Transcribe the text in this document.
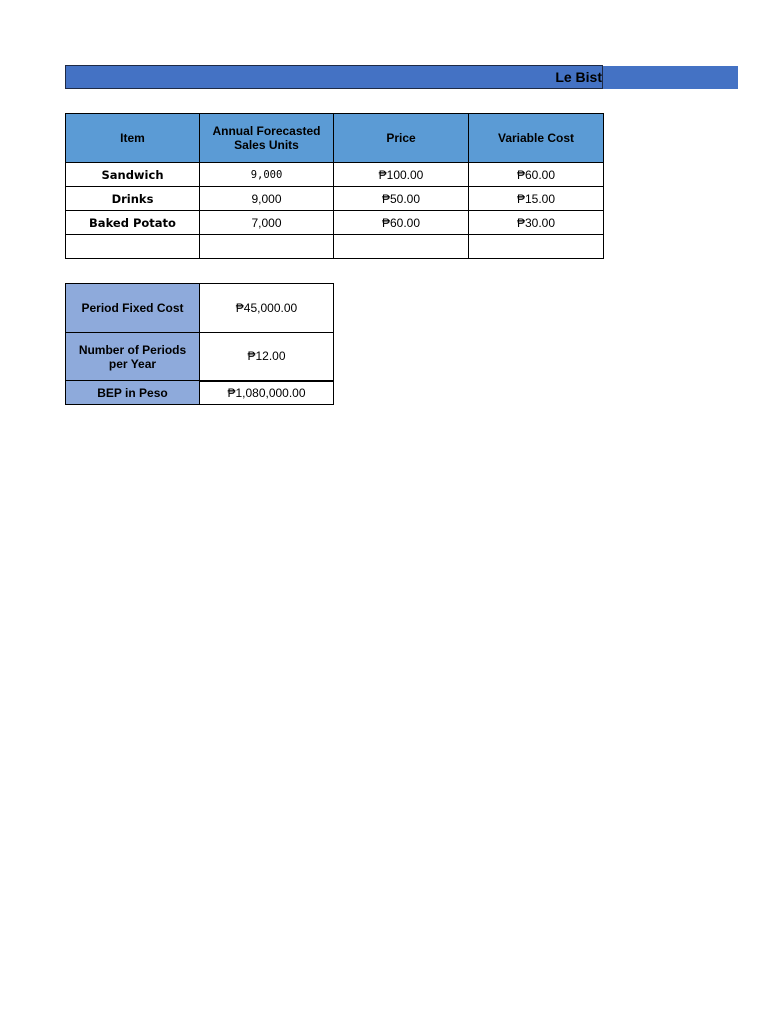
Le Bist
Item	Annual Forecasted Sales Units	Price	Variable Cost
Sandwich	9,000	₱100.00	₱60.00
Drinks	9,000	₱50.00	₱15.00
Baked Potato	7,000	₱60.00	₱30.00

Period Fixed Cost	₱45,000.00
Number of Periods per Year	₱12.00
BEP in Peso	₱1,080,000.00
